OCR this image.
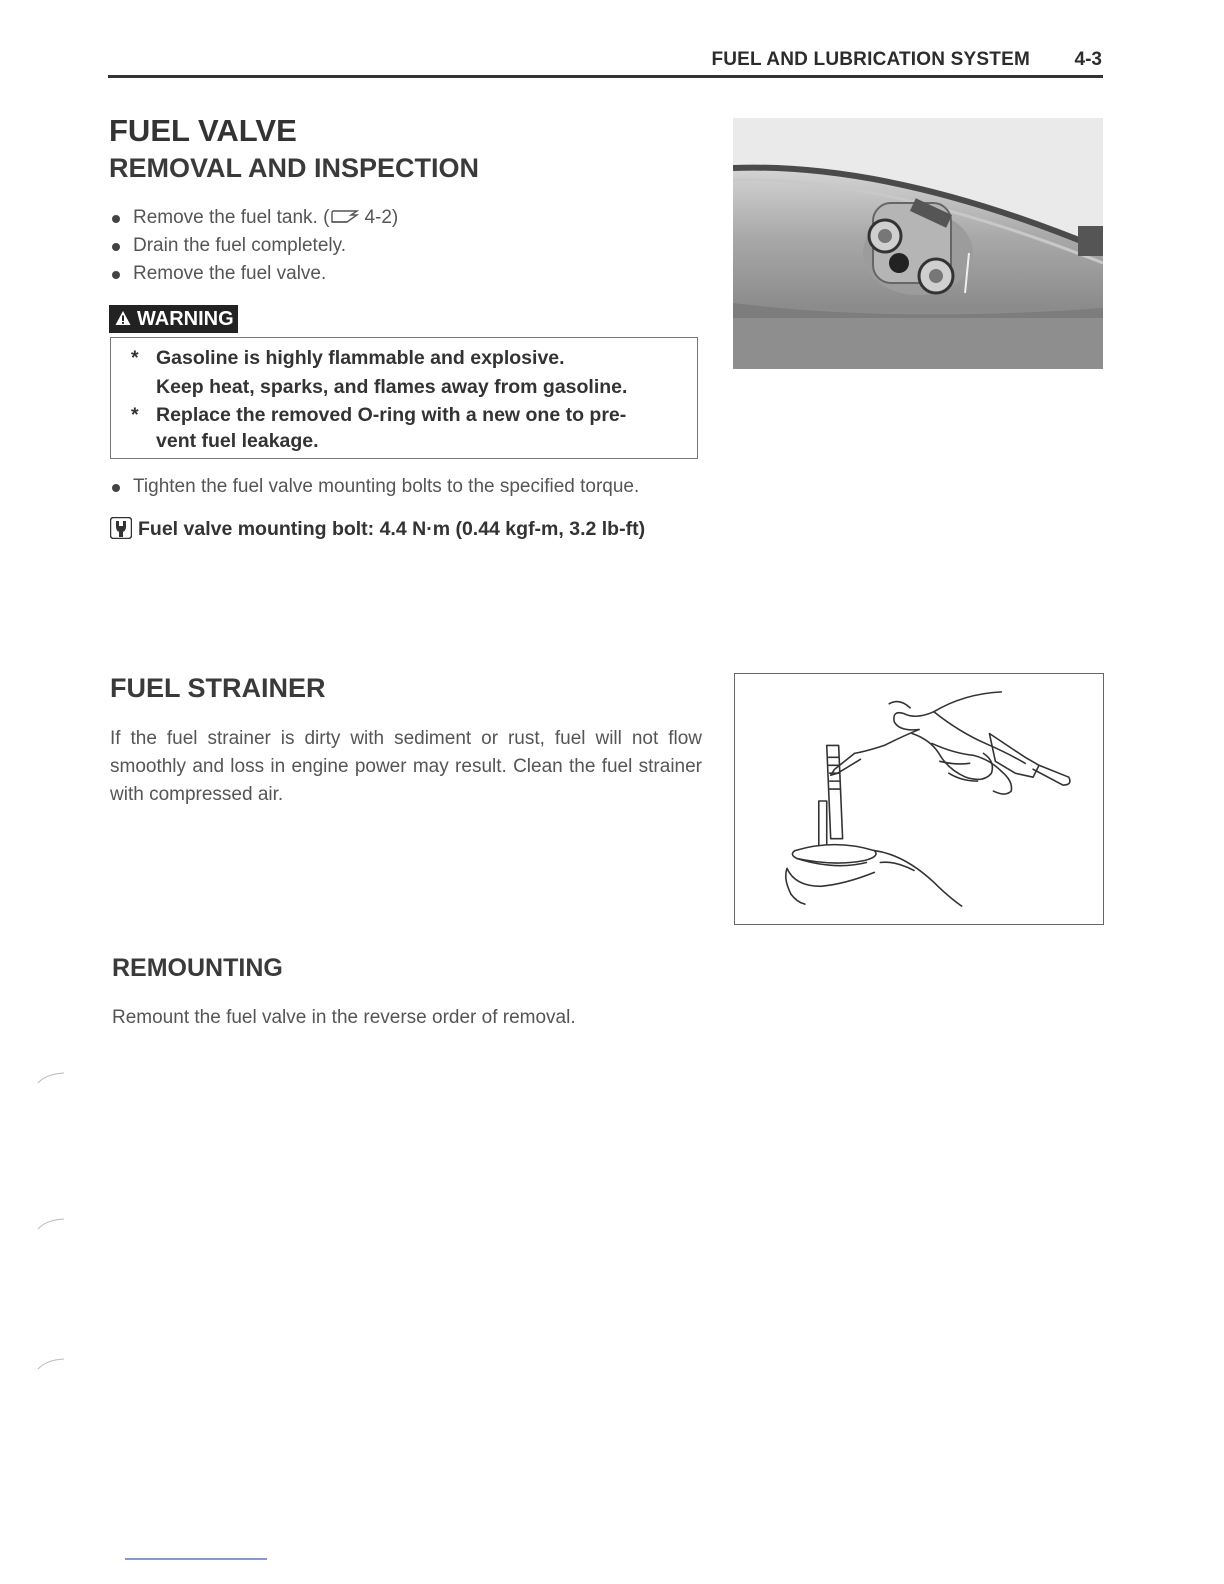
FUEL AND LUBRICATION SYSTEM 4-3
FUEL VALVE
REMOVAL AND INSPECTION
Remove the fuel tank. ( 4-2)
Drain the fuel completely.
Remove the fuel valve.
WARNING
* Gasoline is highly flammable and explosive.
Keep heat, sparks, and flames away from gasoline.
* Replace the removed O-ring with a new one to pre-
vent fuel leakage.
Tighten the fuel valve mounting bolts to the specified torque.
Fuel valve mounting bolt: 4.4 N·m (0.44 kgf-m, 3.2 lb-ft)
FUEL STRAINER
If the fuel strainer is dirty with sediment or rust, fuel will not flow smoothly and loss in engine power may result. Clean the fuel strainer with compressed air.
REMOUNTING
Remount the fuel valve in the reverse order of removal.
